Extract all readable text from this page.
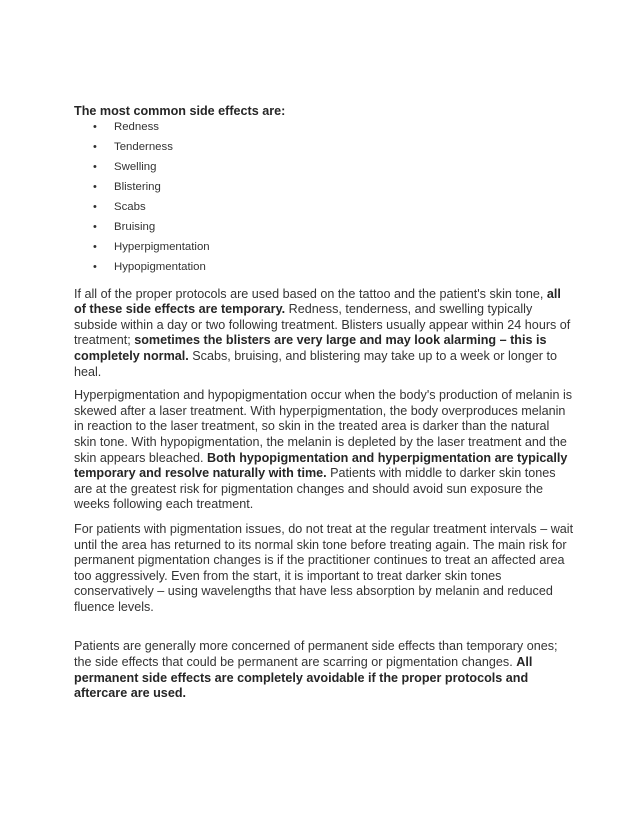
The most common side effects are:

• Redness
• Tenderness
• Swelling
• Blistering
• Scabs
• Bruising
• Hyperpigmentation
• Hypopigmentation

If all of the proper protocols are used based on the tattoo and the patient's skin tone, all of these side effects are temporary. Redness, tenderness, and swelling typically subside within a day or two following treatment. Blisters usually appear within 24 hours of treatment; sometimes the blisters are very large and may look alarming – this is completely normal. Scabs, bruising, and blistering may take up to a week or longer to heal.

Hyperpigmentation and hypopigmentation occur when the body's production of melanin is skewed after a laser treatment. With hyperpigmentation, the body overproduces melanin in reaction to the laser treatment, so skin in the treated area is darker than the natural skin tone. With hypopigmentation, the melanin is depleted by the laser treatment and the skin appears bleached. Both hypopigmentation and hyperpigmentation are typically temporary and resolve naturally with time. Patients with middle to darker skin tones are at the greatest risk for pigmentation changes and should avoid sun exposure the weeks following each treatment.

For patients with pigmentation issues, do not treat at the regular treatment intervals – wait until the area has returned to its normal skin tone before treating again. The main risk for permanent pigmentation changes is if the practitioner continues to treat an affected area too aggressively. Even from the start, it is important to treat darker skin tones conservatively – using wavelengths that have less absorption by melanin and reduced fluence levels.

Patients are generally more concerned of permanent side effects than temporary ones; the side effects that could be permanent are scarring or pigmentation changes. All permanent side effects are completely avoidable if the proper protocols and aftercare are used.
